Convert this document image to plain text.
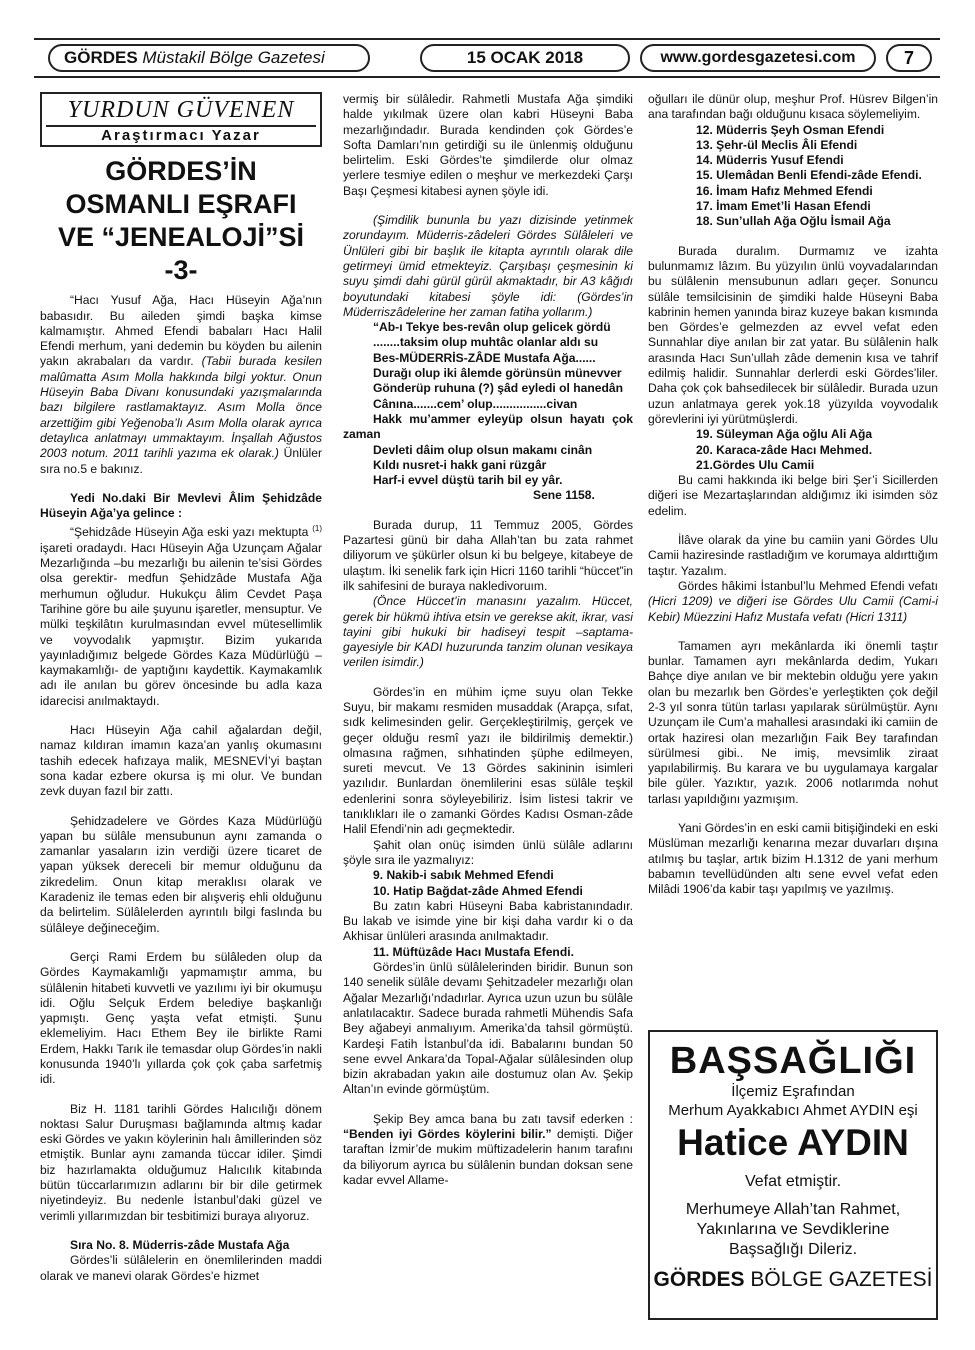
GÖRDES
Müstakil Bölge Gazetesi	15 OCAK 2018	www.gordesgazetesi.com	7
YURDUN GÜVENEN
Araştırmacı Yazar
GÖRDES’İN
OSMANLI EŞRAFI
VE “JENEALOJİ”Sİ -3-

“Hacı Yusuf Ağa, Hacı Hüseyin Ağa’nın babasıdır. Bu aileden şimdi başka kimse kalmamıştır. Ahmed Efendi babaları Hacı Halil Efendi merhum, yani dedemin bu köyden bu ailenin yakın akrabaları da vardır. (Tabii burada kesilen malûmatta Asım Molla hakkında bilgi yoktur. Onun Hüseyin Baba Divanı konusundaki yazışmalarında bazı bilgilere rastlamaktayız. Asım Molla önce arzettiğim gibi Yeğenoba’lı Asım Molla olarak ayrıca detaylıca anlatmayı ummaktayım. İnşallah Ağustos 2003 notum. 2011 tarihli yazıma ek olarak.) Ünlüler sıra no.5 e bakınız.

Yedi No.daki Bir Mevlevi Âlim Şehidzâde Hüseyin Ağa’ya gelince :

“Şehidzâde Hüseyin Ağa eski yazı mektupta $^{(1)}$ işareti oradaydı. Hacı Hüseyin Ağa Uzunçam Ağalar Mezarlığında –bu mezarlığı bu ailenin te’sisi Gördes olsa gerektir- medfun Şehidzâde Mustafa Ağa merhumun oğludur. Hukukçu âlim Cevdet Paşa Tarihine göre bu aile şuyunu işaretler, mensuptur. Ve mülki teşkilâtın kurulmasından evvel mütesellimlik ve voyvodalık yapmıştır. Bizim yukarıda yayınladığımız belgede Gördes Kaza Müdürlüğü –kaymakamlığı- de yaptığını kaydettik. Kaymakamlık adı ile anılan bu görev öncesinde bu adla kaza idarecisi anılmaktaydı.

Hacı Hüseyin Ağa cahil ağalardan değil, namaz kıldıran imamın kaza’an yanlış okumasını tashih edecek hafızaya malik, MESNEVİ’yi baştan sona kadar ezbere okursa iş mi olur. Ve bundan zevk duyan fazıl bir zattı.

Şehidzadelere ve Gördes Kaza Müdürlüğü yapan bu sülâle mensubunun aynı zamanda o zamanlar yasaların izin verdiği üzere ticaret de yapan yüksek dereceli bir memur olduğunu da zikredelim. Onun kitap meraklısı olarak ve Karadeniz ile temas eden bir alışveriş ehli olduğunu da belirtelim. Sülâlelerden ayrıntılı bilgi faslında bu sülâleye değineceğim.

Gerçi Rami Erdem bu sülâleden olup da Gördes Kaymakamlığı yapmamıştır amma, bu sülâlenin hitabeti kuvvetli ve yazılımı iyi bir okumuşu idi. Oğlu Selçuk Erdem belediye başkanlığı yapmıştı. Genç yaşta vefat etmişti. Şunu eklemeliyim. Hacı Ethem Bey ile birlikte Rami Erdem, Hakkı Tarık ile temasdar olup Gördes’in nakli konusunda 1940’lı yıllarda çok çok çaba sarfetmiş idi.

Biz H. 1181 tarihli Gördes Halıcılığı dönem noktası Salur Duruşması bağlamında altmış kadar eski Gördes ve yakın köylerinin halı âmillerinden söz etmiştik. Bunlar aynı zamanda tüccar idiler. Şimdi biz hazırlamakta olduğumuz Halıcılık kitabında bütün tüccarlarımızın adlarını bir bir dile getirmek niyetindeyiz. Bu nedenle İstanbul’daki güzel ve verimli yıllarımızdan bir tesbitimizi buraya alıyoruz.

Sıra No. 8. Müderris-zâde Mustafa Ağa

Gördes’li sülâlelerin en önemlilerinden maddi olarak ve manevi olarak Gördes’e hizmet

vermiş bir sülâledir. Rahmetli Mustafa Ağa şimdiki halde yıkılmak üzere olan kabri Hüseyni Baba mezarlığındadır. Burada kendinden çok Gördes’e Softa Damları’nın getirdiği su ile ünlenmiş olduğunu belirtelim. Eski Gördes’te şimdilerde olur olmaz yerlere tesmiye edilen o meşhur ve merkezdeki Çarşı Başı Çeşmesi kitabesi aynen şöyle idi.

(Şimdilik bununla bu yazı dizisinde yetinmek zorundayım. Müderris-zâdeleri Gördes Sülâleleri ve Ünlüleri gibi bir başlık ile kitapta ayrıntılı olarak dile getirmeyi ümid etmekteyiz. Çarşıbaşı çeşmesinin ki suyu şimdi dahi gürül gürül akmaktadır, bir A3 kâğıdı boyutundaki kitabesi şöyle idi: (Gördes’in Müderriszâdelerine her zaman fatiha yollarım.)

“Ab-ı Tekye bes-revân olup gelicek gördü

........taksim olup muhtâc olanlar aldı su

Bes-MÜDERRİS-ZÂDE Mustafa Ağa......

Durağı olup iki âlemde görünsün münevver

Gönderüp ruhuna (?) şâd eyledi ol hanedân

Cânına.......cem’ olup................civan

Hakk mu’ammer eyleyüp olsun hayatı çok zaman

Devleti dâim olup olsun makamı cinân

Kıldı nusret-i hakk gani rüzgâr

Harf-i evvel düştü tarih bil ey yâr.

Sene 1158.

Burada durup, 11 Temmuz 2005, Gördes Pazartesi günü bir daha Allah’tan bu zata rahmet diliyorum ve şükürler olsun ki bu belgeye, kitabeye de ulaştım. İki senelik fark için Hicri 1160 tarihli “hüccet”in ilk sahifesini de buraya nakledivoruım.

(Önce Hüccet’in manasını yazalım. Hüccet, gerek bir hükmü ihtiva etsin ve gerekse akit, ikrar, vasi tayini gibi hukuki bir hadiseyi tespit –saptama- gayesiyle bir KADI huzurunda tanzim olunan vesikaya verilen isimdir.)

Gördes’in en mühim içme suyu olan Tekke Suyu, bir makamı resmiden musaddak (Arapça, sıfat, sıdk kelimesinden gelir. Gerçekleştirilmiş, gerçek ve geçer olduğu resmî yazı ile bildirilmiş demektir.) olmasına rağmen, sıhhatinden şüphe edilmeyen, sureti mevcut. Ve 13 Gördes sakininin isimleri yazılıdır. Bunlardan önemlilerini esas sülâle teşkil edenlerini sonra söyleyebiliriz. İsim listesi takrir ve tanıklıkları ile o zamanki Gördes Kadısı Osman-zâde Halil Efendi’nin adı geçmektedir.

Şahit olan onüç isimden ünlü sülâle adlarını şöyle sıra ile yazmalıyız:

9. Nakib-i sabık Mehmed Efendi

10. Hatip Bağdat-zâde Ahmed Efendi

Bu zatın kabri Hüseyni Baba kabristanındadır. Bu lakab ve isimde yine bir kişi daha vardır ki o da Akhisar ünlüleri arasında anılmaktadır.

11. Müftüzâde Hacı Mustafa Efendi.

Gördes’in ünlü sülâlelerinden biridir. Bunun son 140 senelik sülâle devamı Şehitzadeler mezarlığı olan Ağalar Mezarlığı’ndadırlar. Ayrıca uzun uzun bu sülâle anlatılacaktır. Sadece burada rahmetli Mühendis Safa Bey ağabeyi anmalıyım. Amerika’da tahsil görmüştü. Kardeşi Fatih İstanbul’da idi. Babalarını bundan 50 sene evvel Ankara’da Topal-Ağalar sülâlesinden olup bizin akrabadan yakın aile dostumuz olan Av. Şekip Altan’ın evinde görmüştüm.

Şekip Bey amca bana bu zatı tavsif ederken : “Benden iyi Gördes köylerini bilir.” demişti. Diğer taraftan İzmir’de mukim müftizadelerin hanım tarafını da biliyorum ayrıca bu sülâlenin bundan doksan sene kadar evvel Allame-

oğulları ile dünür olup, meşhur Prof. Hüsrev Bilgen’in ana tarafından bağı olduğunu kısaca söylemeliyim.

12. Müderris Şeyh Osman Efendi

13. Şehr-ül Meclis Âli Efendi

14. Müderris Yusuf Efendi

15. Ulemâdan Benli Efendi-zâde Efendi.

16. İmam Hafız Mehmed Efendi

17. İmam Emet’li Hasan Efendi

18. Sun’ullah Ağa Oğlu İsmail Ağa

Burada duralım. Durmamız ve izahta bulunmamız lâzım. Bu yüzyılın ünlü voyvadalarından bu sülâlenin mensubunun adları geçer. Sonuncu sülâle temsilcisinin de şimdiki halde Hüseyni Baba kabrinin hemen yanında biraz kuzeye bakan kısmında ben Gördes’e gelmezden az evvel vefat eden Sunnahlar diye anılan bir zat yatar. Bu sülâlenin halk arasında Hacı Sun’ullah zâde demenin kısa ve tahrif edilmiş halidir. Sunnahlar derlerdi eski Gördes’liler. Daha çok çok bahsedilecek bir sülâledir. Burada uzun uzun anlatmaya gerek yok.18 yüzyılda voyvodalık görevlerini iyi yürütmüşlerdi.

19. Süleyman Ağa oğlu Ali Ağa

20. Karaca-zâde Hacı Mehmed.

21.Gördes Ulu Camii

Bu cami hakkında iki belge biri Şer’i Sicillerden diğeri ise Mezartaşlarından aldığımız iki isimden söz edelim.

İlâve olarak da yine bu camiin yani Gördes Ulu Camii haziresinde rastladığım ve korumaya aldırttığım taştır. Yazalım.

Gördes hâkimi İstanbul’lu Mehmed Efendi vefatı (Hicri 1209) ve diğeri ise Gördes Ulu Camii (Cami-i Kebir) Müezzini Hafız Mustafa vefatı (Hicri 1311)

Tamamen ayrı mekânlarda iki önemli taştır bunlar. Tamamen ayrı mekânlarda dedim, Yukarı Bahçe diye anılan ve bir mektebin olduğu yere yakın olan bu mezarlık ben Gördes’e yerleştikten çok değil 2-3 yıl sonra tütün tarlası yapılarak sürülmüştür. Aynı Uzunçam ile Cum’a mahallesi arasındaki iki camiin de ortak haziresi olan mezarlığın Faik Bey tarafından sürülmesi gibi.. Ne imiş, mevsimlik ziraat yapılabilirmiş. Bu karara ve bu uygulamaya kargalar bile güler. Yazıktır, yazık. 2006 notlarımda nohut tarlası yapıldığını yazmışım.

Yani Gördes’in en eski camii bitişiğindeki en eski Müslüman mezarlığı kenarına mezar duvarları dışına atılmış bu taşlar, artık bizim H.1312 de yani merhum babamın tevellüdünden altı sene evvel vefat eden Milâdi 1906’da kabir taşı yapılmış ve yazılmış.

BAŞSAĞLIĞI
İlçemiz Eşrafından
Merhum Ayakkabıcı Ahmet AYDIN eşi
Hatice AYDIN
Vefat etmiştir.
Merhumeye Allah’tan Rahmet,
Yakınlarına ve Sevdiklerine
Başsağlığı Dileriz.
GÖRDES BÖLGE GAZETESİ
